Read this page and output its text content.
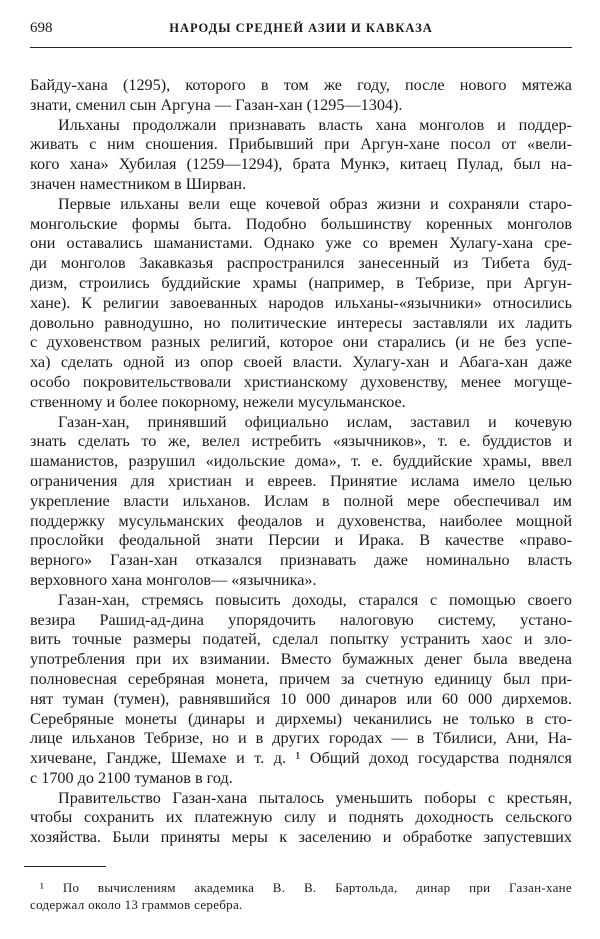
698	НАРОДЫ СРЕДНЕЙ АЗИИ И КАВКАЗА
Байду-хана (1295), которого в том же году, после нового мятежа
знати, сменил сын Аргуна — Газан-хан (1295—1304).
Ильханы продолжали признавать власть хана монголов и поддер-
живать с ним сношения. Прибывший при Аргун-хане посол от «вели-
кого хана» Хубилая (1259—1294), брата Мункэ, китаец Пулад, был на-
значен наместником в Ширван.
Первые ильханы вели еще кочевой образ жизни и сохраняли старо-
монгольские формы быта. Подобно большинству коренных монголов
они оставались шаманистами. Однако уже со времен Хулагу-хана сре-
ди монголов Закавказья распространился занесенный из Тибета буд-
дизм, строились буддийские храмы (например, в Тебризе, при Аргун-
хане). К религии завоеванных народов ильханы-«язычники» относились
довольно равнодушно, но политические интересы заставляли их ладить
с духовенством разных религий, которое они старались (и не без успе-
ха) сделать одной из опор своей власти. Хулагу-хан и Абага-хан даже
особо покровительствовали христианскому духовенству, менее могуще-
ственному и более покорному, нежели мусульманское.
Газан-хан, принявший официально ислам, заставил и кочевую
знать сделать то же, велел истребить «язычников», т. е. буддистов и
шаманистов, разрушил «идольские дома», т. е. буддийские храмы, ввел
ограничения для христиан и евреев. Принятие ислама имело целью
укрепление власти ильханов. Ислам в полной мере обеспечивал им
поддержку мусульманских феодалов и духовенства, наиболее мощной
прослойки феодальной знати Персии и Ирака. В качестве «право-
верного» Газан-хан отказался признавать даже номинально власть
верховного хана монголов— «язычника».
Газан-хан, стремясь повысить доходы, старался с помощью своего
везира Рашид-ад-дина упорядочить налоговую систему, устано-
вить точные размеры податей, сделал попытку устранить хаос и зло-
употребления при их взимании. Вместо бумажных денег была введена
полновесная серебряная монета, причем за счетную единицу был при-
нят туман (тумен), равнявшийся 10 000 динаров или 60 000 дирхемов.
Серебряные монеты (динары и дирхемы) чеканились не только в сто-
лице ильханов Тебризе, но и в других городах — в Тбилиси, Ани, На-
хичеване, Гандже, Шемахе и т. д. ¹ Общий доход государства поднялся
с 1700 до 2100 туманов в год.
Правительство Газан-хана пыталось уменьшить поборы с крестьян,
чтобы сохранить их платежную силу и поднять доходность сельского
хозяйства. Были приняты меры к заселению и обработке запустевших
¹ По вычислениям академика В. В. Бартольда, динар при Газан-хане
содержал около 13 граммов серебра.
